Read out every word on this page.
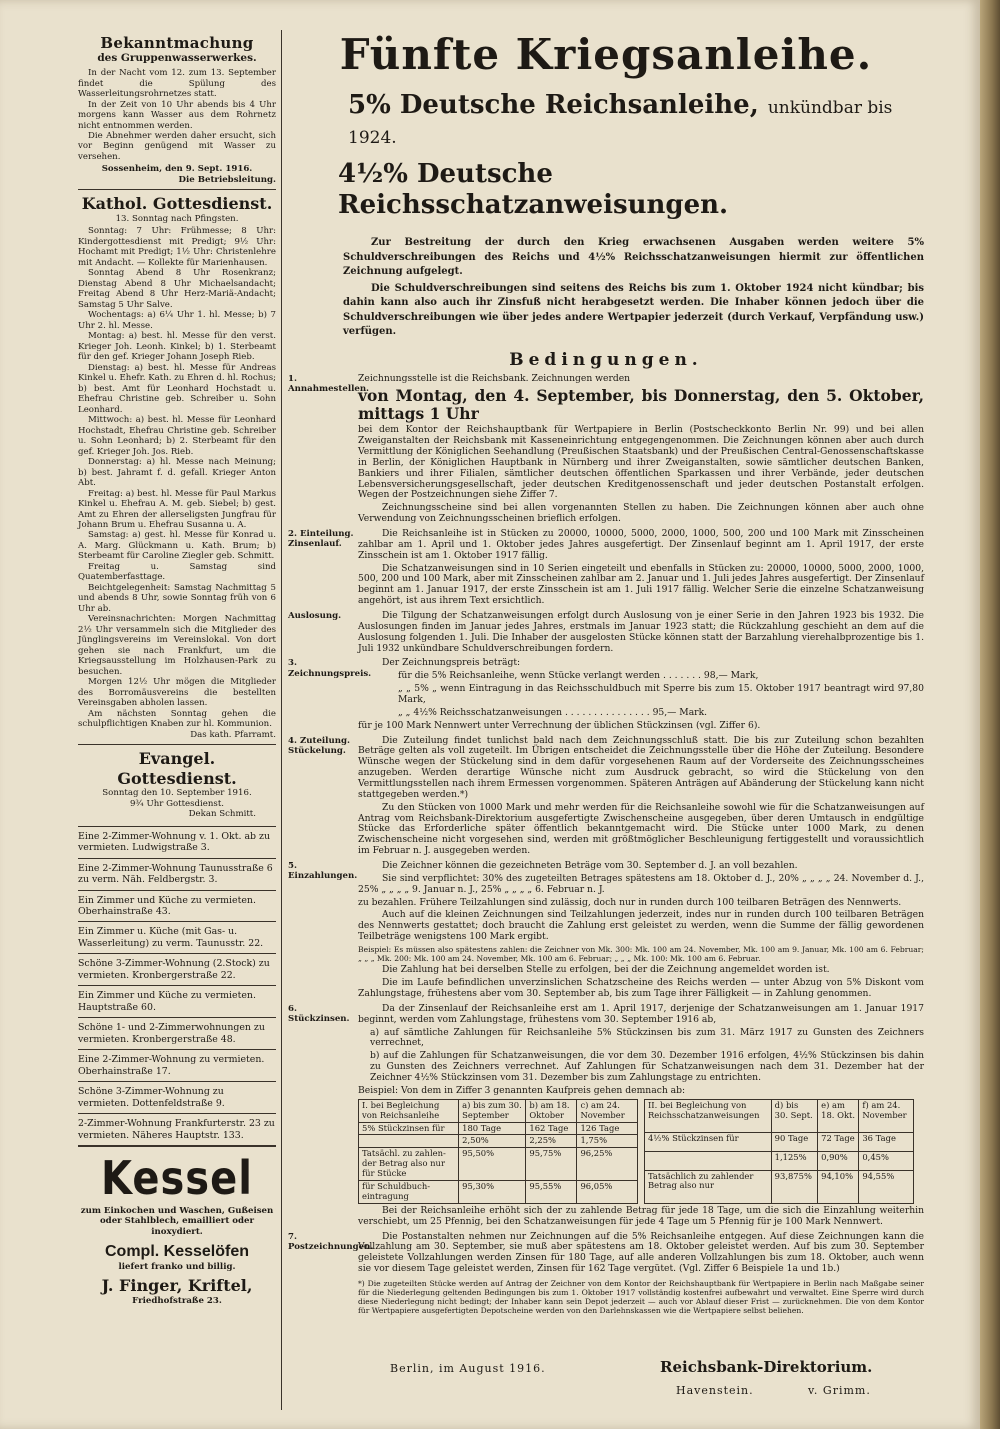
Bekanntmachung
des Gruppenwasserwerkes.

In der Nacht vom 12. zum 13. September findet die Spülung des Wasserleitungsrohrnetzes statt.

In der Zeit von 10 Uhr abends bis 4 Uhr morgens kann Wasser aus dem Rohrnetz nicht entnommen werden.

Die Abnehmer werden daher ersucht, sich vor Beginn genügend mit Wasser zu versehen.

Sossenheim, den 9. Sept. 1916.

Die Betriebsleitung.

Kathol. Gottesdienst.

13. Sonntag nach Pfingsten.

Sonntag: 7 Uhr: Frühmesse; 8 Uhr: Kindergottesdienst mit Predigt; 9½ Uhr: Hochamt mit Predigt; 1½ Uhr: Christenlehre mit Andacht. — Kollekte für Marienhausen.

Sonntag Abend 8 Uhr Rosenkranz; Dienstag Abend 8 Uhr Michaelsandacht; Freitag Abend 8 Uhr Herz-Mariä-Andacht; Samstag 5 Uhr Salve.

Wochentags: a) 6¼ Uhr 1. hl. Messe; b) 7 Uhr 2. hl. Messe.

Montag: a) best. hl. Messe für den verst. Krieger Joh. Leonh. Kinkel; b) 1. Sterbeamt für den gef. Krieger Johann Joseph Rieb.

Dienstag: a) best. hl. Messe für Andreas Kinkel u. Ehefr. Kath. zu Ehren d. hl. Rochus; b) best. Amt für Leonhard Hochstadt u. Ehefrau Christine geb. Schreiber u. Sohn Leonhard.

Mittwoch: a) best. hl. Messe für Leonhard Hochstadt, Ehefrau Christine geb. Schreiber u. Sohn Leonhard; b) 2. Sterbeamt für den gef. Krieger Joh. Jos. Rieb.

Donnerstag: a) hl. Messe nach Meinung; b) best. Jahramt f. d. gefall. Krieger Anton Abt.

Freitag: a) best. hl. Messe für Paul Markus Kinkel u. Ehefrau A. M. geb. Siebel; b) gest. Amt zu Ehren der allerseligsten Jungfrau für Johann Brum u. Ehefrau Susanna u. A.

Samstag: a) gest. hl. Messe für Konrad u. A. Marg. Glückmann u. Kath. Brum; b) Sterbeamt für Caroline Ziegler geb. Schmitt.

Freitag u. Samstag sind Quatemberfasttage.

Beichtgelegenheit: Samstag Nachmittag 5 und abends 8 Uhr, sowie Sonntag früh von 6 Uhr ab.

Vereinsnachrichten: Morgen Nachmittag 2½ Uhr versammeln sich die Mitglieder des Jünglingsvereins im Vereinslokal. Von dort gehen sie nach Frankfurt, um die Kriegsausstellung im Holzhausen-Park zu besuchen.

Morgen 12½ Uhr mögen die Mitglieder des Borromäusvereins die bestellten Vereinsgaben abholen lassen.

Am nächsten Sonntag gehen die schulpflichtigen Knaben zur hl. Kommunion.

Das kath. Pfarramt.

Evangel. Gottesdienst.

Sonntag den 10. September 1916.

9¾ Uhr Gottesdienst.

Dekan Schmitt.

Eine 2-Zimmer-Wohnung v. 1. Okt. ab zu vermieten. Ludwigstraße 3.

Eine 2-Zimmer-Wohnung Taunusstraße 6 zu verm. Näh. Feldbergstr. 3.

Ein Zimmer und Küche zu vermieten. Oberhainstraße 43.

Ein Zimmer u. Küche (mit Gas- u. Wasserleitung) zu verm. Taunusstr. 22.

Schöne 3-Zimmer-Wohnung (2.Stock) zu vermieten. Kronbergerstraße 22.

Ein Zimmer und Küche zu vermieten. Hauptstraße 60.

Schöne 1- und 2-Zimmerwohnungen zu vermieten. Kronbergerstraße 48.

Eine 2-Zimmer-Wohnung zu vermieten. Oberhainstraße 17.

Schöne 3-Zimmer-Wohnung zu vermieten. Dottenfeldstraße 9.

2-Zimmer-Wohnung Frankfurterstr. 23 zu vermieten. Näheres Hauptstr. 133.

Kessel
zum Einkochen und Waschen, Gußeisen oder Stahlblech, emailliert oder inoxydiert.
Compl. Kesselöfen
liefert franko und billig.
J. Finger, Kriftel,
Friedhofstraße 23.
Fünfte Kriegsanleihe.
5% Deutsche Reichsanleihe, unkündbar bis 1924.
4½% Deutsche Reichsschatzanweisungen.

Zur Bestreitung der durch den Krieg erwachsenen Ausgaben werden weitere 5% Schuldverschreibungen des Reichs und 4½% Reichsschatzanweisungen hiermit zur öffentlichen Zeichnung aufgelegt.

Die Schuldverschreibungen sind seitens des Reichs bis zum 1. Oktober 1924 nicht kündbar; bis dahin kann also auch ihr Zinsfuß nicht herabgesetzt werden. Die Inhaber können jedoch über die Schuldverschreibungen wie über jedes andere Wertpapier jederzeit (durch Verkauf, Verpfändung usw.) verfügen.

Bedingungen.
1. Annahmestellen.

Zeichnungsstelle ist die Reichsbank. Zeichnungen werden

von Montag, den 4. September, bis Donnerstag, den 5. Oktober, mittags 1 Uhr

bei dem Kontor der Reichshauptbank für Wertpapiere in Berlin (Postscheckkonto Berlin Nr. 99) und bei allen Zweiganstalten der Reichsbank mit Kasseneinrichtung entgegengenommen. Die Zeichnungen können aber auch durch Vermittlung der Königlichen Seehandlung (Preußischen Staatsbank) und der Preußischen Central-Genossenschaftskasse in Berlin, der Königlichen Hauptbank in Nürnberg und ihrer Zweiganstalten, sowie sämtlicher deutschen Banken, Bankiers und ihrer Filialen, sämtlicher deutschen öffentlichen Sparkassen und ihrer Verbände, jeder deutschen Lebensversicherungsgesellschaft, jeder deutschen Kreditgenossenschaft und jeder deutschen Postanstalt erfolgen. Wegen der Postzeichnungen siehe Ziffer 7.

Zeichnungsscheine sind bei allen vorgenannten Stellen zu haben. Die Zeichnungen können aber auch ohne Verwendung von Zeichnungsscheinen brieflich erfolgen.

2. Einteilung. Zinsenlauf.

Die Reichsanleihe ist in Stücken zu 20000, 10000, 5000, 2000, 1000, 500, 200 und 100 Mark mit Zinsscheinen zahlbar am 1. April und 1. Oktober jedes Jahres ausgefertigt. Der Zinsenlauf beginnt am 1. April 1917, der erste Zinsschein ist am 1. Oktober 1917 fällig.

Die Schatzanweisungen sind in 10 Serien eingeteilt und ebenfalls in Stücken zu: 20000, 10000, 5000, 2000, 1000, 500, 200 und 100 Mark, aber mit Zinsscheinen zahlbar am 2. Januar und 1. Juli jedes Jahres ausgefertigt. Der Zinsenlauf beginnt am 1. Januar 1917, der erste Zinsschein ist am 1. Juli 1917 fällig. Welcher Serie die einzelne Schatzanweisung angehört, ist aus ihrem Text ersichtlich.

Auslosung.	Die Tilgung der Schatzanweisungen erfolgt durch Auslosung von je einer Serie in den Jahren 1923 bis 1932. Die Auslosungen finden im Januar jedes Jahres, erstmals im Januar 1923 statt; die Rückzahlung geschieht an dem auf die Auslosung folgenden 1. Juli. Die Inhaber der ausgelosten Stücke können statt der Barzahlung vierehalbprozentige bis 1. Juli 1932 unkündbare Schuldverschreibungen fordern.

3. Zeichnungspreis.

Der Zeichnungspreis beträgt:

für die 5% Reichsanleihe, wenn Stücke verlangt werden . . . . . . . 98,— Mark,

„ „ 5% „ wenn Eintragung in das Reichsschuldbuch mit Sperre bis zum 15. Oktober 1917 beantragt wird 97,80 Mark,

„ „ 4½% Reichsschatzanweisungen . . . . . . . . . . . . . . . 95,— Mark.

für je 100 Mark Nennwert unter Verrechnung der üblichen Stückzinsen (vgl. Ziffer 6).

4. Zuteilung. Stückelung.

Die Zuteilung findet tunlichst bald nach dem Zeichnungsschluß statt. Die bis zur Zuteilung schon bezahlten Beträge gelten als voll zugeteilt. Im Übrigen entscheidet die Zeichnungsstelle über die Höhe der Zuteilung. Besondere Wünsche wegen der Stückelung sind in dem dafür vorgesehenen Raum auf der Vorderseite des Zeichnungsscheines anzugeben. Werden derartige Wünsche nicht zum Ausdruck gebracht, so wird die Stückelung von den Vermittlungsstellen nach ihrem Ermessen vorgenommen. Späteren Anträgen auf Abänderung der Stückelung kann nicht stattgegeben werden.*)

Zu den Stücken von 1000 Mark und mehr werden für die Reichsanleihe sowohl wie für die Schatzanweisungen auf Antrag vom Reichsbank-Direktorium ausgefertigte Zwischenscheine ausgegeben, über deren Umtausch in endgültige Stücke das Erforderliche später öffentlich bekanntgemacht wird. Die Stücke unter 1000 Mark, zu denen Zwischenscheine nicht vorgesehen sind, werden mit größtmöglicher Beschleunigung fertiggestellt und voraussichtlich im Februar n. J. ausgegeben werden.

5. Einzahlungen.

Die Zeichner können die gezeichneten Beträge vom 30. September d. J. an voll bezahlen.

Sie sind verpflichtet: 30% des zugeteilten Betrages spätestens am 18. Oktober d. J., 20% „ „ „ „ 24. November d. J., 25% „ „ „ „ 9. Januar n. J., 25% „ „ „ „ 6. Februar n. J.

zu bezahlen. Frühere Teilzahlungen sind zulässig, doch nur in runden durch 100 teilbaren Beträgen des Nennwerts.

Auch auf die kleinen Zeichnungen sind Teilzahlungen jederzeit, indes nur in runden durch 100 teilbaren Beträgen des Nennwerts gestattet; doch braucht die Zahlung erst geleistet zu werden, wenn die Summe der fällig gewordenen Teilbeträge wenigstens 100 Mark ergibt.

Beispiel: Es müssen also spätestens zahlen: die Zeichner von Mk. 300: Mk. 100 am 24. November, Mk. 100 am 9. Januar, Mk. 100 am 6. Februar; „ „ „ Mk. 200: Mk. 100 am 24. November, Mk. 100 am 6. Februar; „ „ „ Mk. 100: Mk. 100 am 6. Februar.

Die Zahlung hat bei derselben Stelle zu erfolgen, bei der die Zeichnung angemeldet worden ist.

Die im Laufe befindlichen unverzinslichen Schatzscheine des Reichs werden — unter Abzug von 5% Diskont vom Zahlungstage, frühestens aber vom 30. September ab, bis zum Tage ihrer Fälligkeit — in Zahlung genommen.

6. Stückzinsen.

Da der Zinsenlauf der Reichsanleihe erst am 1. April 1917, derjenige der Schatzanweisungen am 1. Januar 1917 beginnt, werden vom Zahlungstage, frühestens vom 30. September 1916 ab,

a) auf sämtliche Zahlungen für Reichsanleihe 5% Stückzinsen bis zum 31. März 1917 zu Gunsten des Zeichners verrechnet,

b) auf die Zahlungen für Schatzanweisungen, die vor dem 30. Dezember 1916 erfolgen, 4½% Stückzinsen bis dahin zu Gunsten des Zeichners verrechnet. Auf Zahlungen für Schatzanweisungen nach dem 31. Dezember hat der Zeichner 4½% Stückzinsen vom 31. Dezember bis zum Zahlungstage zu entrichten.

Beispiel: Von dem in Ziffer 3 genannten Kaufpreis gehen demnach ab:

I. bei Begleichung von Reichsanleihe	a) bis zum 30. September	b) am 18. Oktober	c) am 24. November
5% Stückzinsen für	180 Tage	162 Tage	126 Tage
	2,50%	2,25%	1,75%
Tatsächl. zu zahlen-der Betrag also nur für Stücke	95,50%	95,75%	96,25%
für Schuldbuch-eintragung	95,30%	95,55%	96,05%
II. bei Begleichung von Reichsschatzanweisungen	d) bis 30. Sept.	e) am 18. Okt.	f) am 24. November
4½% Stückzinsen für	90 Tage	72 Tage	36 Tage
	1,125%	0,90%	0,45%
Tatsächlich zu zahlender Betrag also nur	93,875%	94,10%	94,55%

Bei der Reichsanleihe erhöht sich der zu zahlende Betrag für jede 18 Tage, um die sich die Einzahlung weiterhin verschiebt, um 25 Pfennig, bei den Schatzanweisungen für jede 4 Tage um 5 Pfennig für je 100 Mark Nennwert.

7. Postzeichnungen.

Die Postanstalten nehmen nur Zeichnungen auf die 5% Reichsanleihe entgegen. Auf diese Zeichnungen kann die Vollzahlung am 30. September, sie muß aber spätestens am 18. Oktober geleistet werden. Auf bis zum 30. September geleistete Vollzahlungen werden Zinsen für 180 Tage, auf alle anderen Vollzahlungen bis zum 18. Oktober, auch wenn sie vor diesem Tage geleistet werden, Zinsen für 162 Tage vergütet. (Vgl. Ziffer 6 Beispiele 1a und 1b.)

*) Die zugeteilten Stücke werden auf Antrag der Zeichner von dem Kontor der Reichshauptbank für Wertpapiere in Berlin nach Maßgabe seiner für die Niederlegung geltenden Bedingungen bis zum 1. Oktober 1917 vollständig kostenfrei aufbewahrt und verwaltet. Eine Sperre wird durch diese Niederlegung nicht bedingt; der Inhaber kann sein Depot jederzeit — auch vor Ablauf dieser Frist — zurücknehmen. Die von dem Kontor für Wertpapiere ausgefertigten Depotscheine werden von den Darlehnskassen wie die Wertpapiere selbst beliehen.

Berlin, im August 1916.	Reichsbank-Direktorium.
Havenstein.	v. Grimm.
